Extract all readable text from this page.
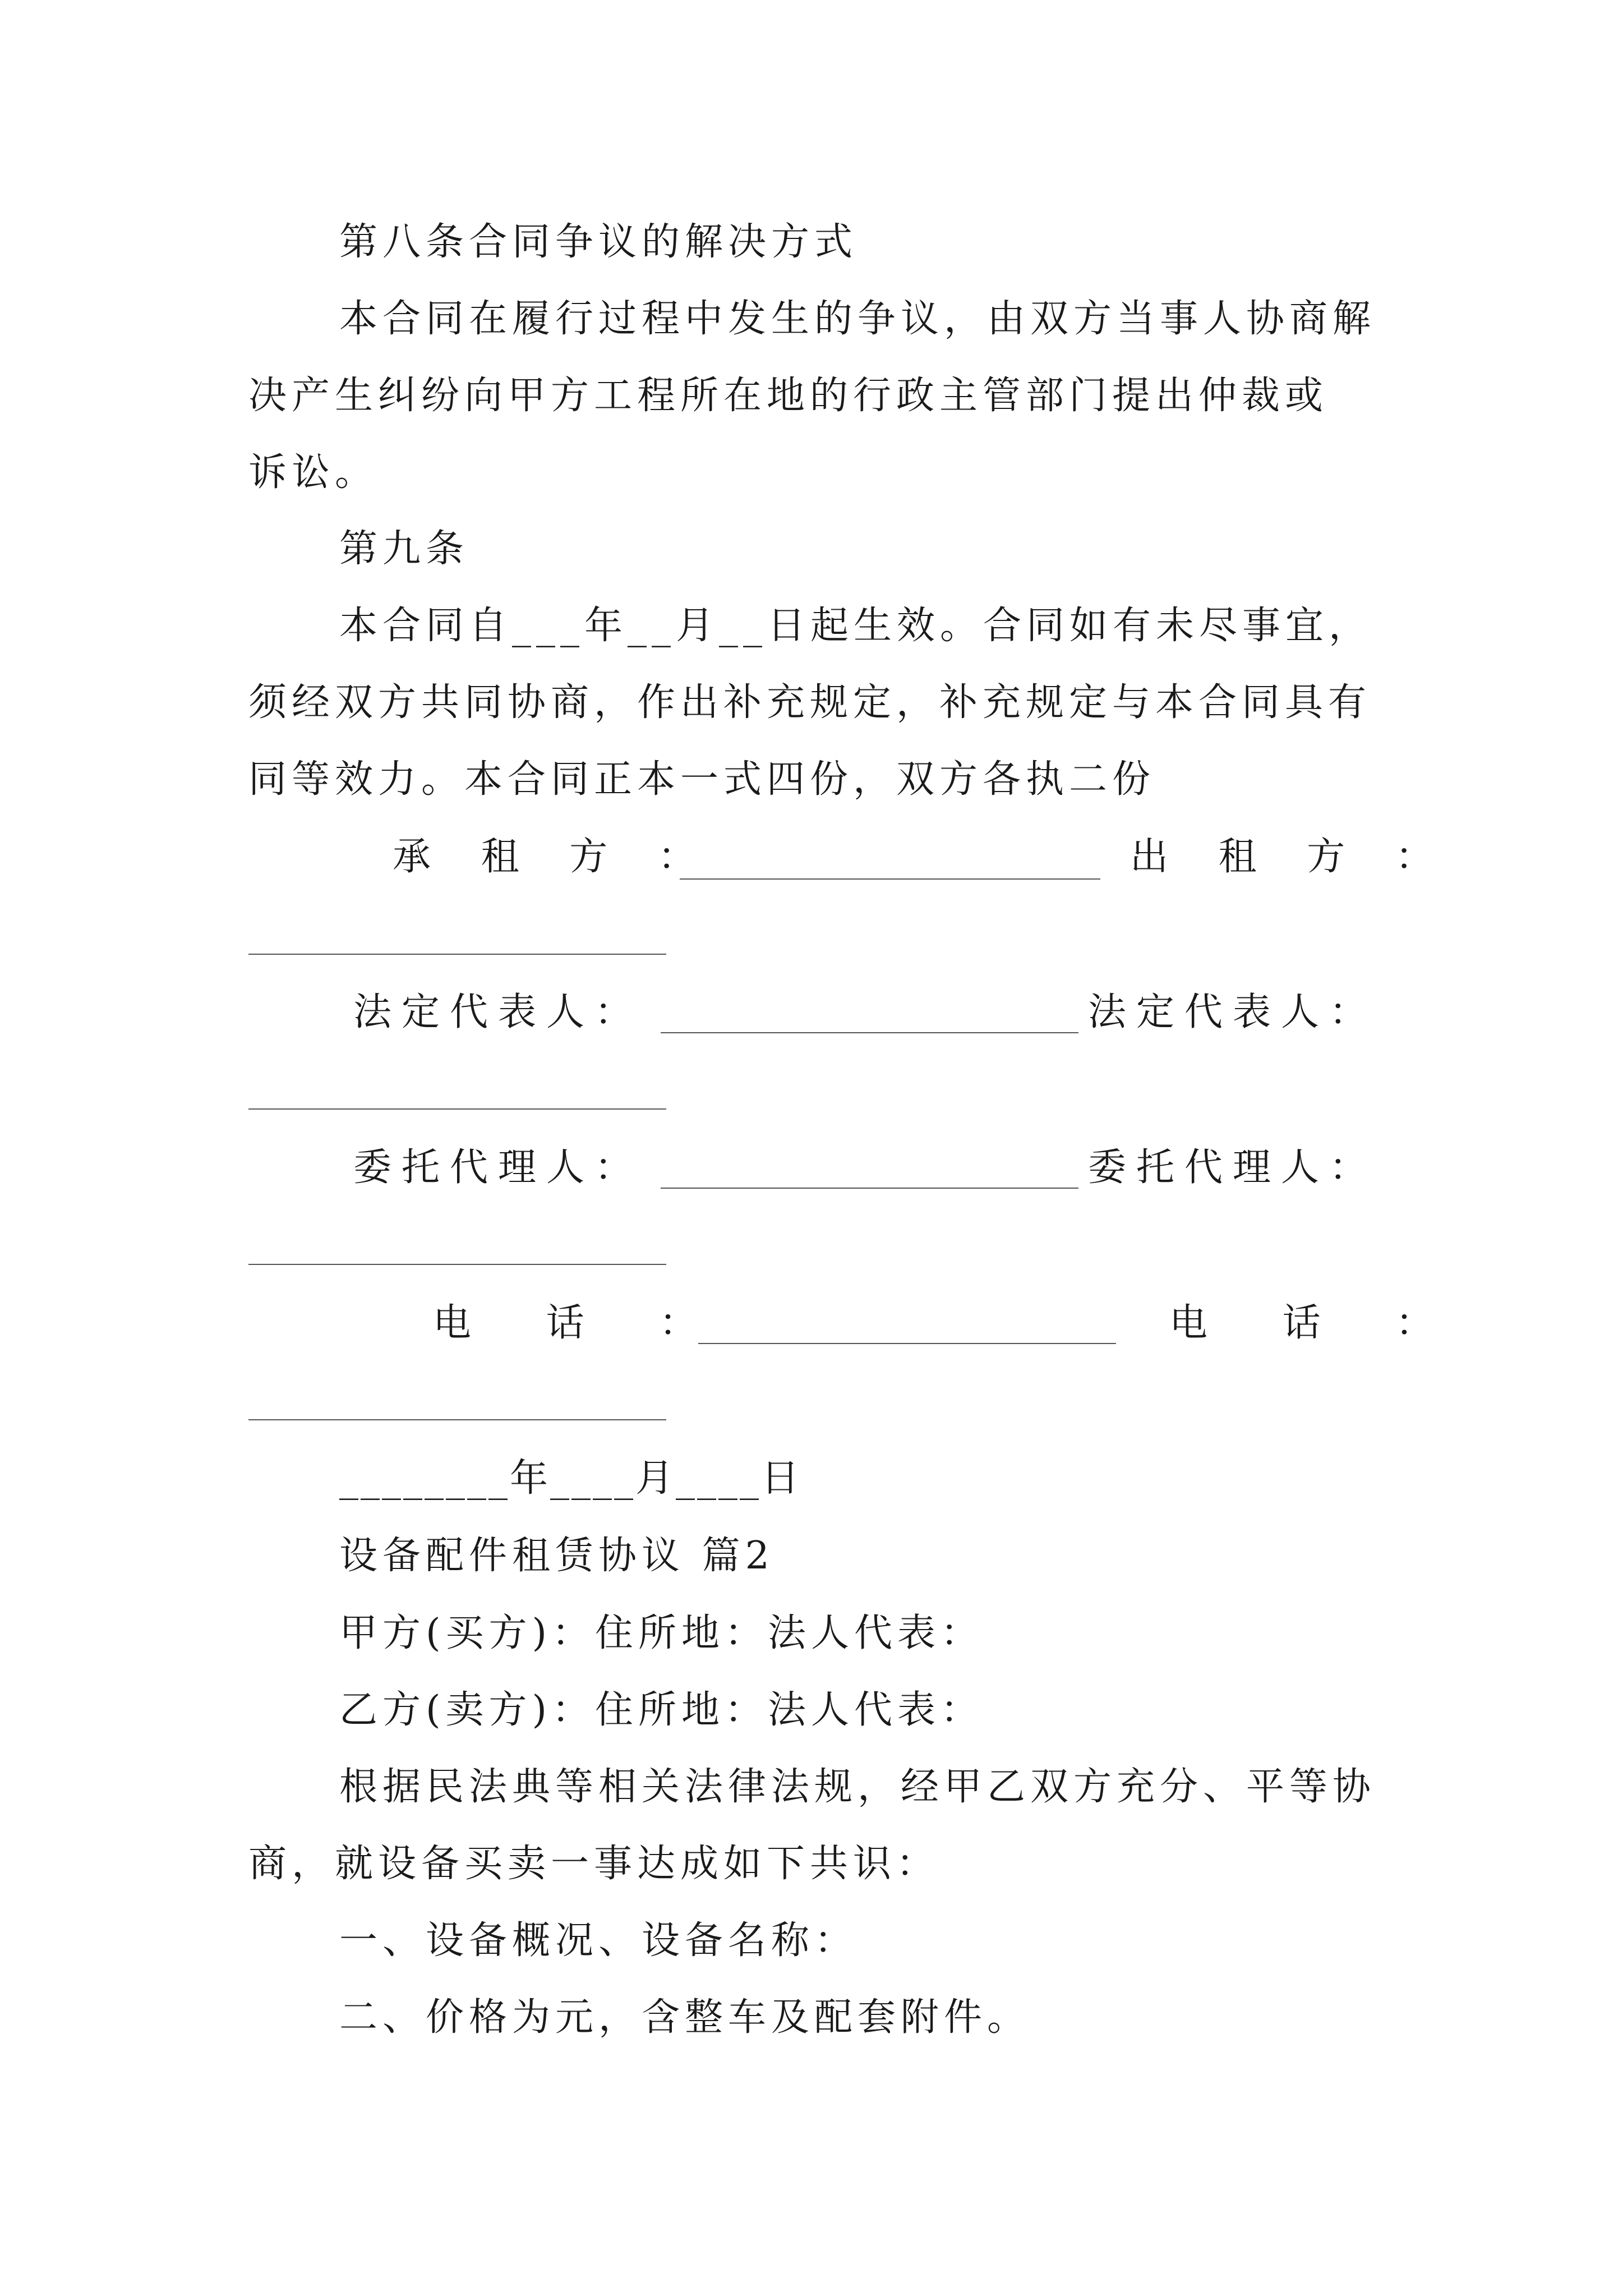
第八条合同争议的解决方式
本合同在履行过程中发生的争议，由双方当事人协商解
决产生纠纷向甲方工程所在地的行政主管部门提出仲裁或
诉讼。
第九条
本合同自___年__月__日起生效。合同如有未尽事宜，
须经双方共同协商，作出补充规定，补充规定与本合同具有
同等效力。本合同正本一式四份，双方各执二份
承 租 方 ：	出 租 方 ：
法定代表人：	法定代表人：
委托代理人：	委托代理人：
电 话 ：	电 话 ：
________年____月____日
设备配件租赁协议 篇2
甲方(买方)：住所地：法人代表：
乙方(卖方)：住所地：法人代表：
根据民法典等相关法律法规，经甲乙双方充分、平等协
商，就设备买卖一事达成如下共识：
一、设备概况、设备名称：
二、价格为元，含整车及配套附件。
